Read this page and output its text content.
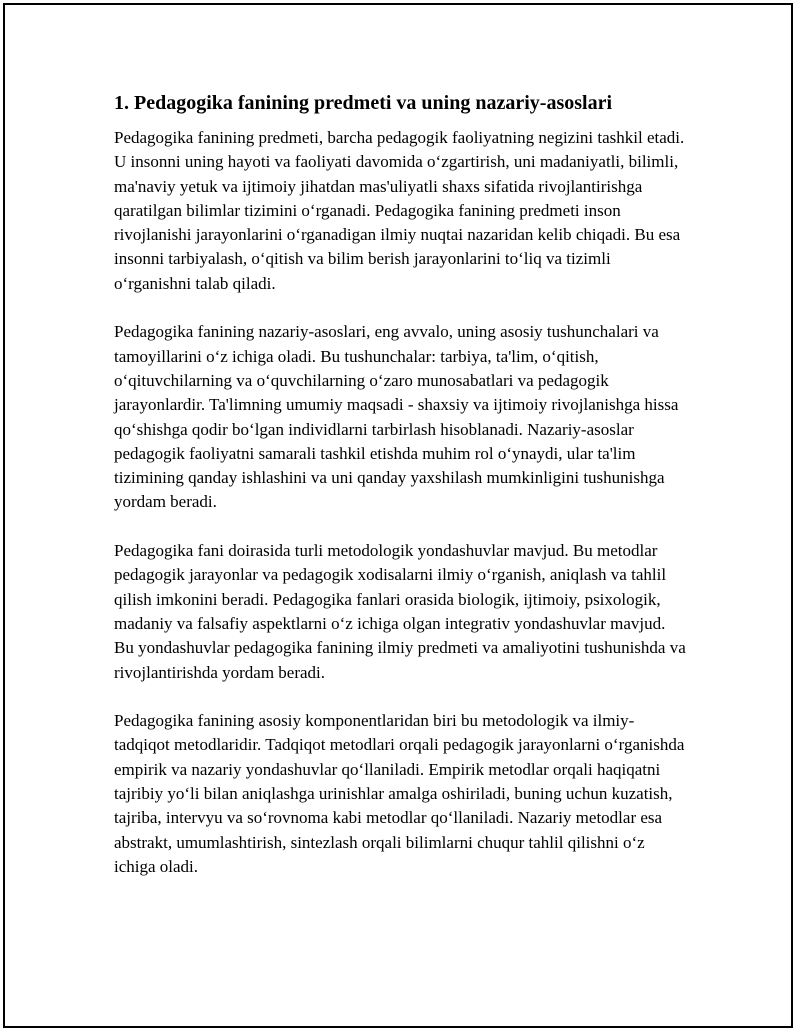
1. Pedagogika fanining predmeti va uning nazariy-asoslari

Pedagogika fanining predmeti, barcha pedagogik faoliyatning negizini tashkil etadi. U insonni uning hayoti va faoliyati davomida o‘zgartirish, uni madaniyatli, bilimli, ma'naviy yetuk va ijtimoiy jihatdan mas'uliyatli shaxs sifatida rivojlantirishga qaratilgan bilimlar tizimini o‘rganadi. Pedagogika fanining predmeti inson rivojlanishi jarayonlarini o‘rganadigan ilmiy nuqtai nazaridan kelib chiqadi. Bu esa insonni tarbiyalash, o‘qitish va bilim berish jarayonlarini to‘liq va tizimli o‘rganishni talab qiladi.

Pedagogika fanining nazariy-asoslari, eng avvalo, uning asosiy tushunchalari va tamoyillarini o‘z ichiga oladi. Bu tushunchalar: tarbiya, ta'lim, o‘qitish, o‘qituvchilarning va o‘quvchilarning o‘zaro munosabatlari va pedagogik jarayonlardir. Ta'limning umumiy maqsadi - shaxsiy va ijtimoiy rivojlanishga hissa qo‘shishga qodir bo‘lgan individlarni tarbirlash hisoblanadi. Nazariy-asoslar pedagogik faoliyatni samarali tashkil etishda muhim rol o‘ynaydi, ular ta'lim tizimining qanday ishlashini va uni qanday yaxshilash mumkinligini tushunishga yordam beradi.

Pedagogika fani doirasida turli metodologik yondashuvlar mavjud. Bu metodlar pedagogik jarayonlar va pedagogik xodisalarni ilmiy o‘rganish, aniqlash va tahlil qilish imkonini beradi. Pedagogika fanlari orasida biologik, ijtimoiy, psixologik, madaniy va falsafiy aspektlarni o‘z ichiga olgan integrativ yondashuvlar mavjud. Bu yondashuvlar pedagogika fanining ilmiy predmeti va amaliyotini tushunishda va rivojlantirishda yordam beradi.

Pedagogika fanining asosiy komponentlaridan biri bu metodologik va ilmiy-tadqiqot metodlaridir. Tadqiqot metodlari orqali pedagogik jarayonlarni o‘rganishda empirik va nazariy yondashuvlar qo‘llaniladi. Empirik metodlar orqali haqiqatni tajribiy yo‘li bilan aniqlashga urinishlar amalga oshiriladi, buning uchun kuzatish, tajriba, intervyu va so‘rovnoma kabi metodlar qo‘llaniladi. Nazariy metodlar esa abstrakt, umumlashtirish, sintezlash orqali bilimlarni chuqur tahlil qilishni o‘z ichiga oladi.
